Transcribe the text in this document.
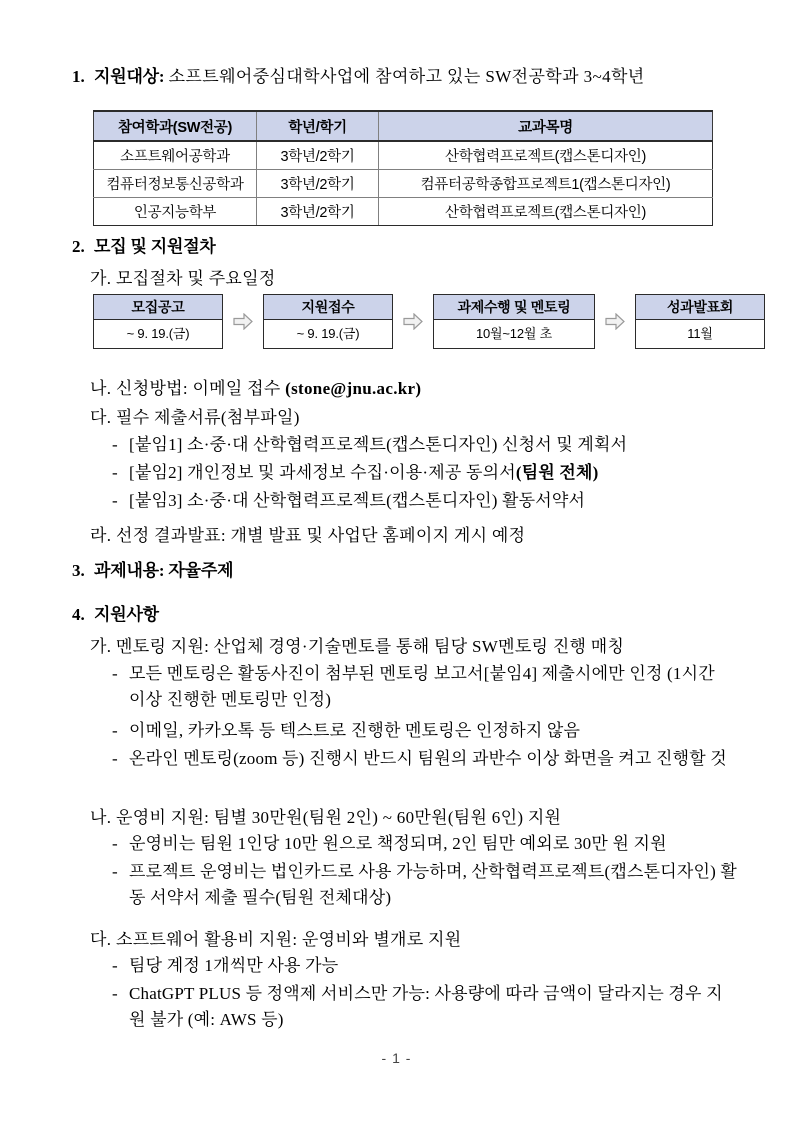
1. 지원대상: 소프트웨어중심대학사업에 참여하고 있는 SW전공학과 3~4학년
참여학과(SW전공)	학년/학기	교과목명
소프트웨어공학과	3학년/2학기	산학협력프로젝트(캡스톤디자인)
컴퓨터정보통신공학과	3학년/2학기	컴퓨터공학종합프로젝트1(캡스톤디자인)
인공지능학부	3학년/2학기	산학협력프로젝트(캡스톤디자인)
2. 모집 및 지원절차
가. 모집절차 및 주요일정
모집공고
~ 9. 19.(금)
지원접수
~ 9. 19.(금)
과제수행 및 멘토링
10월~12월 초
성과발표회
11월
나. 신청방법: 이메일 접수 (stone@jnu.ac.kr)
다. 필수 제출서류(첨부파일)
- [붙임1] 소·중·대 산학협력프로젝트(캡스톤디자인) 신청서 및 계획서
- [붙임2] 개인정보 및 과세정보 수집·이용·제공 동의서(팀원 전체)
- [붙임3] 소·중·대 산학협력프로젝트(캡스톤디자인) 활동서약서
라. 선정 결과발표: 개별 발표 및 사업단 홈페이지 게시 예정
3. 과제내용: 자율주제
4. 지원사항
가. 멘토링 지원: 산업체 경영·기술멘토를 통해 팀당 SW멘토링 진행 매칭
- 모든 멘토링은 활동사진이 첨부된 멘토링 보고서[붙임4] 제출시에만 인정 (1시간 이상 진행한 멘토링만 인정)
- 이메일, 카카오톡 등 텍스트로 진행한 멘토링은 인정하지 않음
- 온라인 멘토링(zoom 등) 진행시 반드시 팀원의 과반수 이상 화면을 켜고 진행할 것
나. 운영비 지원: 팀별 30만원(팀원 2인) ~ 60만원(팀원 6인) 지원
- 운영비는 팀원 1인당 10만 원으로 책정되며, 2인 팀만 예외로 30만 원 지원
- 프로젝트 운영비는 법인카드로 사용 가능하며, 산학협력프로젝트(캡스톤디자인) 활동 서약서 제출 필수(팀원 전체대상)
다. 소프트웨어 활용비 지원: 운영비와 별개로 지원
- 팀당 계정 1개씩만 사용 가능
- ChatGPT PLUS 등 정액제 서비스만 가능: 사용량에 따라 금액이 달라지는 경우 지원 불가 (예: AWS 등)
- 1 -
